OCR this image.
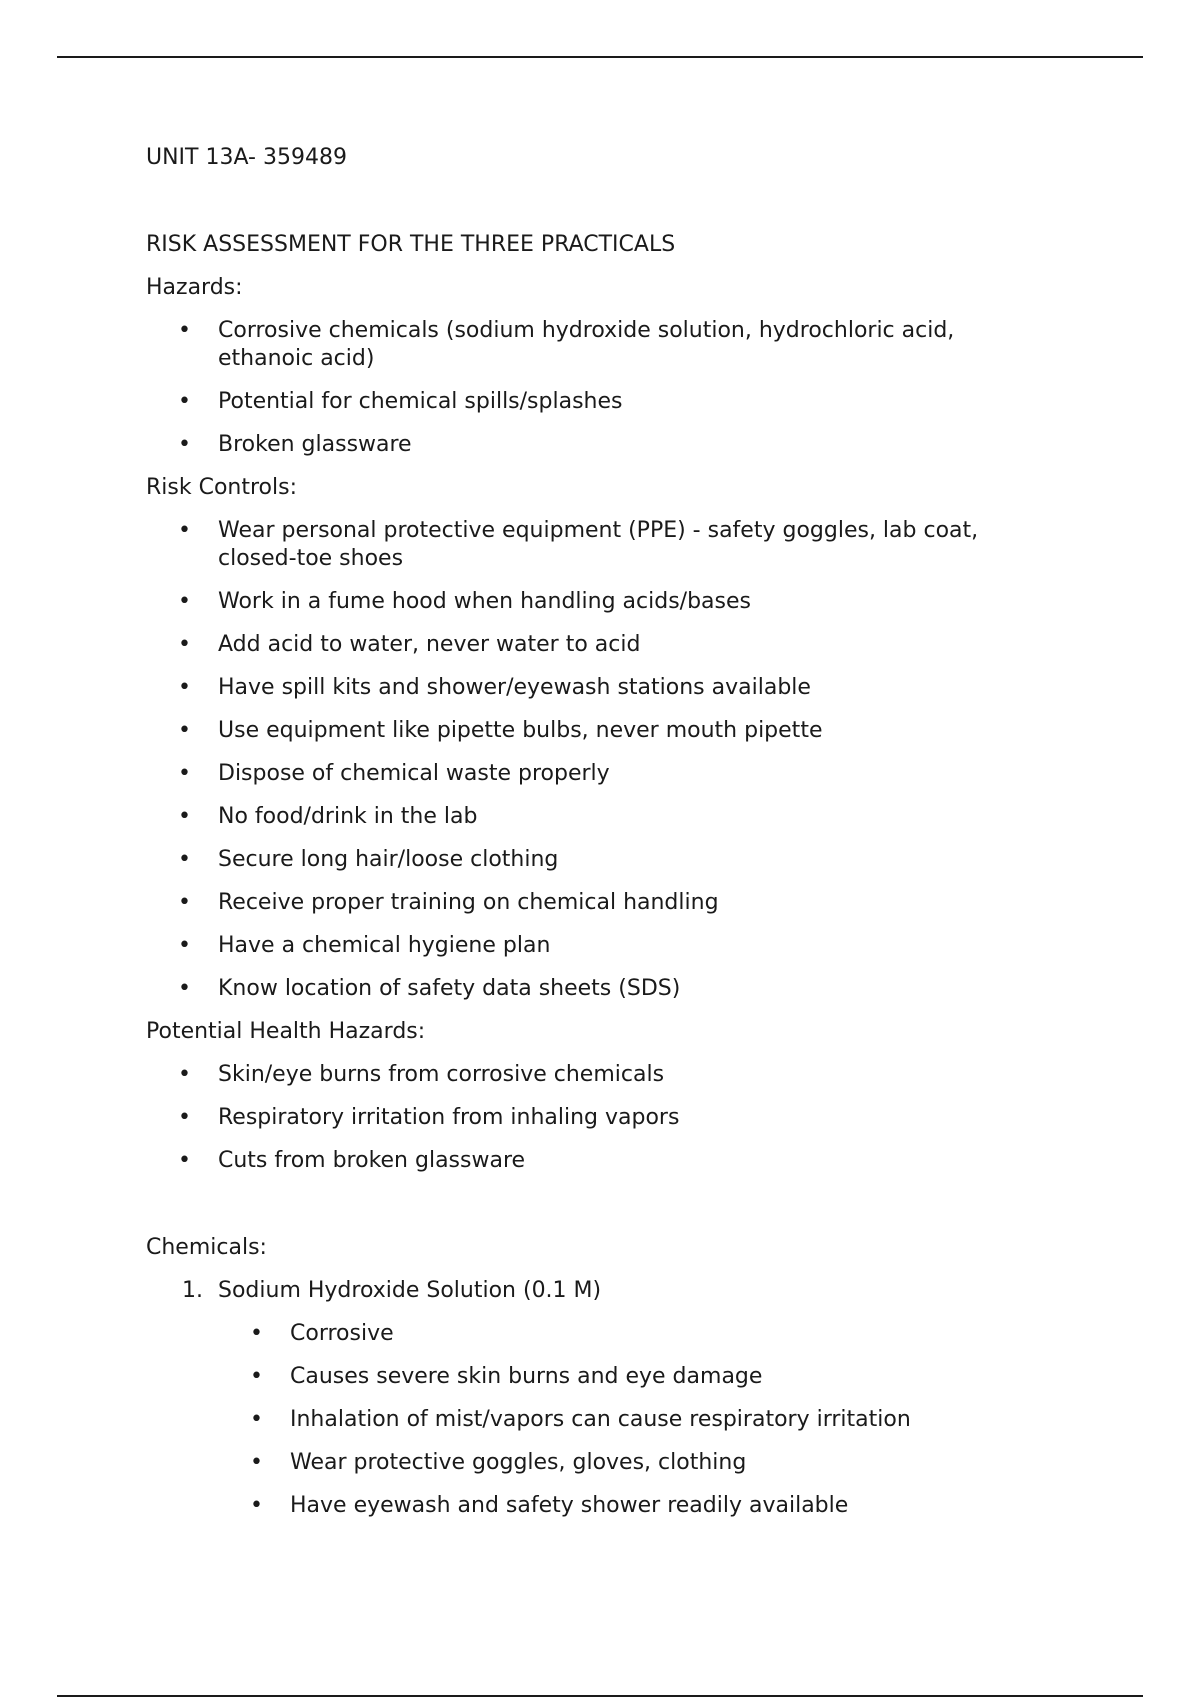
UNIT 13A- 359489

RISK ASSESSMENT FOR THE THREE PRACTICALS

Hazards:

• Corrosive chemicals (sodium hydroxide solution, hydrochloric acid, ethanoic acid)
• Potential for chemical spills/splashes
• Broken glassware

Risk Controls:

• Wear personal protective equipment (PPE) - safety goggles, lab coat, closed-toe shoes
• Work in a fume hood when handling acids/bases
• Add acid to water, never water to acid
• Have spill kits and shower/eyewash stations available
• Use equipment like pipette bulbs, never mouth pipette
• Dispose of chemical waste properly
• No food/drink in the lab
• Secure long hair/loose clothing
• Receive proper training on chemical handling
• Have a chemical hygiene plan
• Know location of safety data sheets (SDS)

Potential Health Hazards:

• Skin/eye burns from corrosive chemicals
• Respiratory irritation from inhaling vapors
• Cuts from broken glassware

Chemicals:

1. Sodium Hydroxide Solution (0.1 M)
• Corrosive
• Causes severe skin burns and eye damage
• Inhalation of mist/vapors can cause respiratory irritation
• Wear protective goggles, gloves, clothing
• Have eyewash and safety shower readily available
